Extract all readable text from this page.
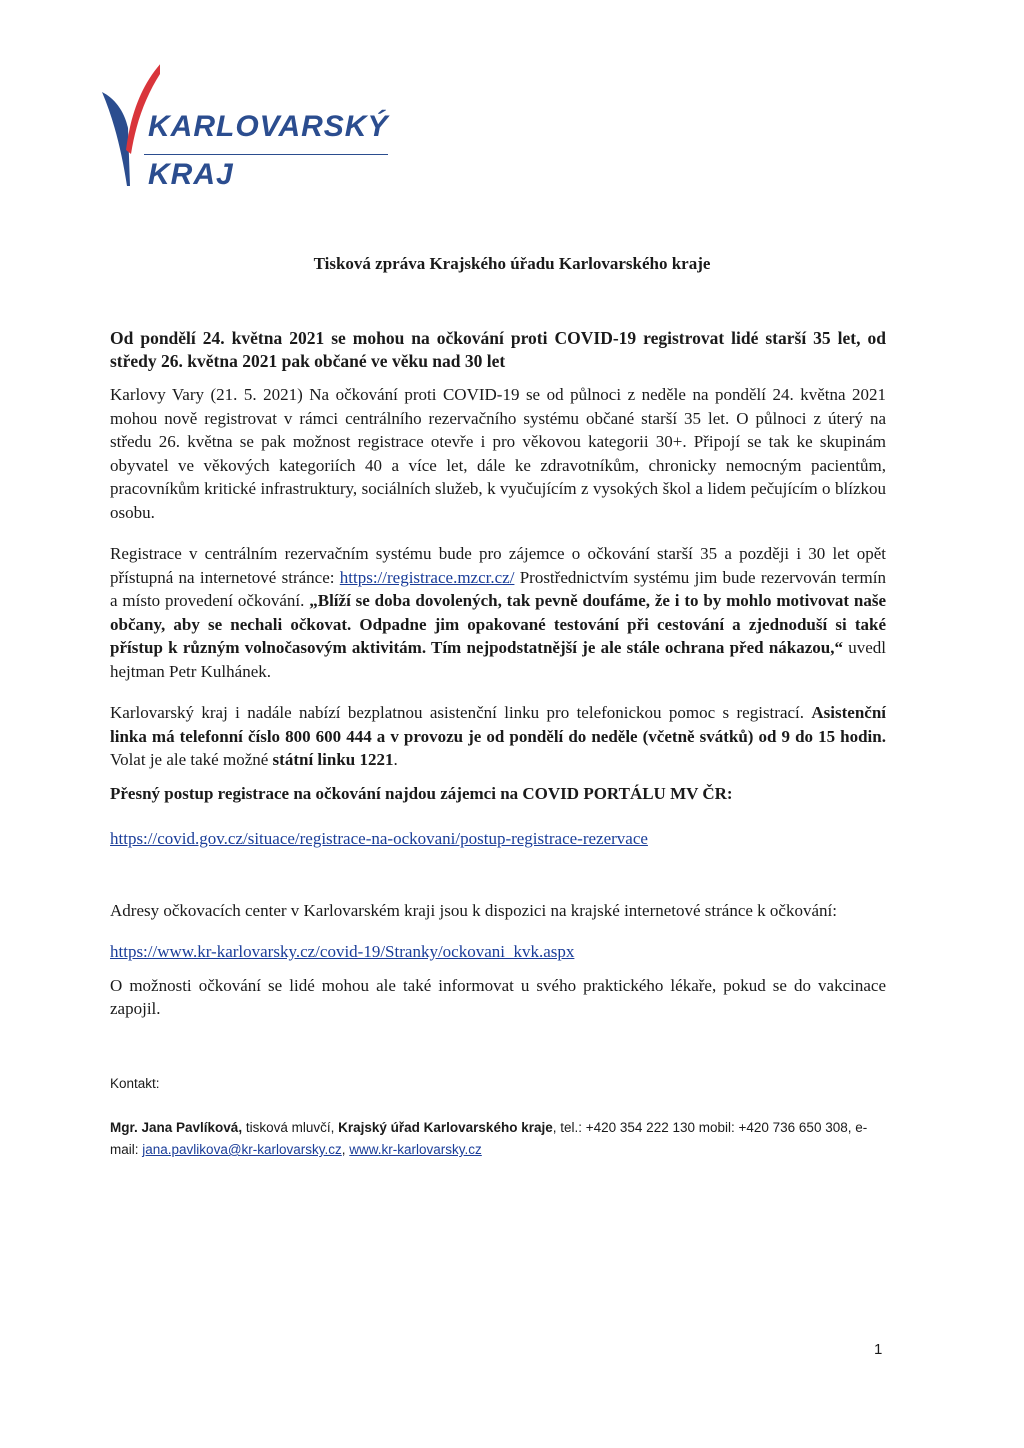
KARLOVARSKÝ
KRAJ
Tisková zpráva Krajského úřadu Karlovarského kraje

Od pondělí 24. května 2021 se mohou na očkování proti COVID-19 registrovat lidé starší 35 let, od středy 26. května 2021 pak občané ve věku nad 30 let

Karlovy Vary (21. 5. 2021) Na očkování proti COVID-19 se od půlnoci z neděle na pondělí 24. května 2021 mohou nově registrovat v rámci centrálního rezervačního systému občané starší 35 let. O půlnoci z úterý na středu 26. května se pak možnost registrace otevře i pro věkovou kategorii 30+. Připojí se tak ke skupinám obyvatel ve věkových kategoriích 40 a více let, dále ke zdravotníkům, chronicky nemocným pacientům, pracovníkům kritické infrastruktury, sociálních služeb, k vyučujícím z vysokých škol a lidem pečujícím o blízkou osobu.

Registrace v centrálním rezervačním systému bude pro zájemce o očkování starší 35 a později i 30 let opět přístupná na internetové stránce: https://registrace.mzcr.cz/ Prostřednictvím systému jim bude rezervován termín a místo provedení očkování. „Blíží se doba dovolených, tak pevně doufáme, že i to by mohlo motivovat naše občany, aby se nechali očkovat. Odpadne jim opakované testování při cestování a zjednoduší si také přístup k různým volnočasovým aktivitám. Tím nejpodstatnější je ale stále ochrana před nákazou,“ uvedl hejtman Petr Kulhánek.

Karlovarský kraj i nadále nabízí bezplatnou asistenční linku pro telefonickou pomoc s registrací. Asistenční linka má telefonní číslo 800 600 444 a v provozu je od pondělí do neděle (včetně svátků) od 9 do 15 hodin. Volat je ale také možné státní linku 1221.

Přesný postup registrace na očkování najdou zájemci na COVID PORTÁLU MV ČR:

https://covid.gov.cz/situace/registrace-na-ockovani/postup-registrace-rezervace

Adresy očkovacích center v Karlovarském kraji jsou k dispozici na krajské internetové stránce k očkování:

https://www.kr-karlovarsky.cz/covid-19/Stranky/ockovani_kvk.aspx

O možnosti očkování se lidé mohou ale také informovat u svého praktického lékaře, pokud se do vakcinace zapojil.

Kontakt:
Mgr. Jana Pavlíková, tisková mluvčí, Krajský úřad Karlovarského kraje, tel.: +420 354 222 130 mobil: +420 736 650 308, e-mail: jana.pavlikova@kr-karlovarsky.cz, www.kr-karlovarsky.cz
1
